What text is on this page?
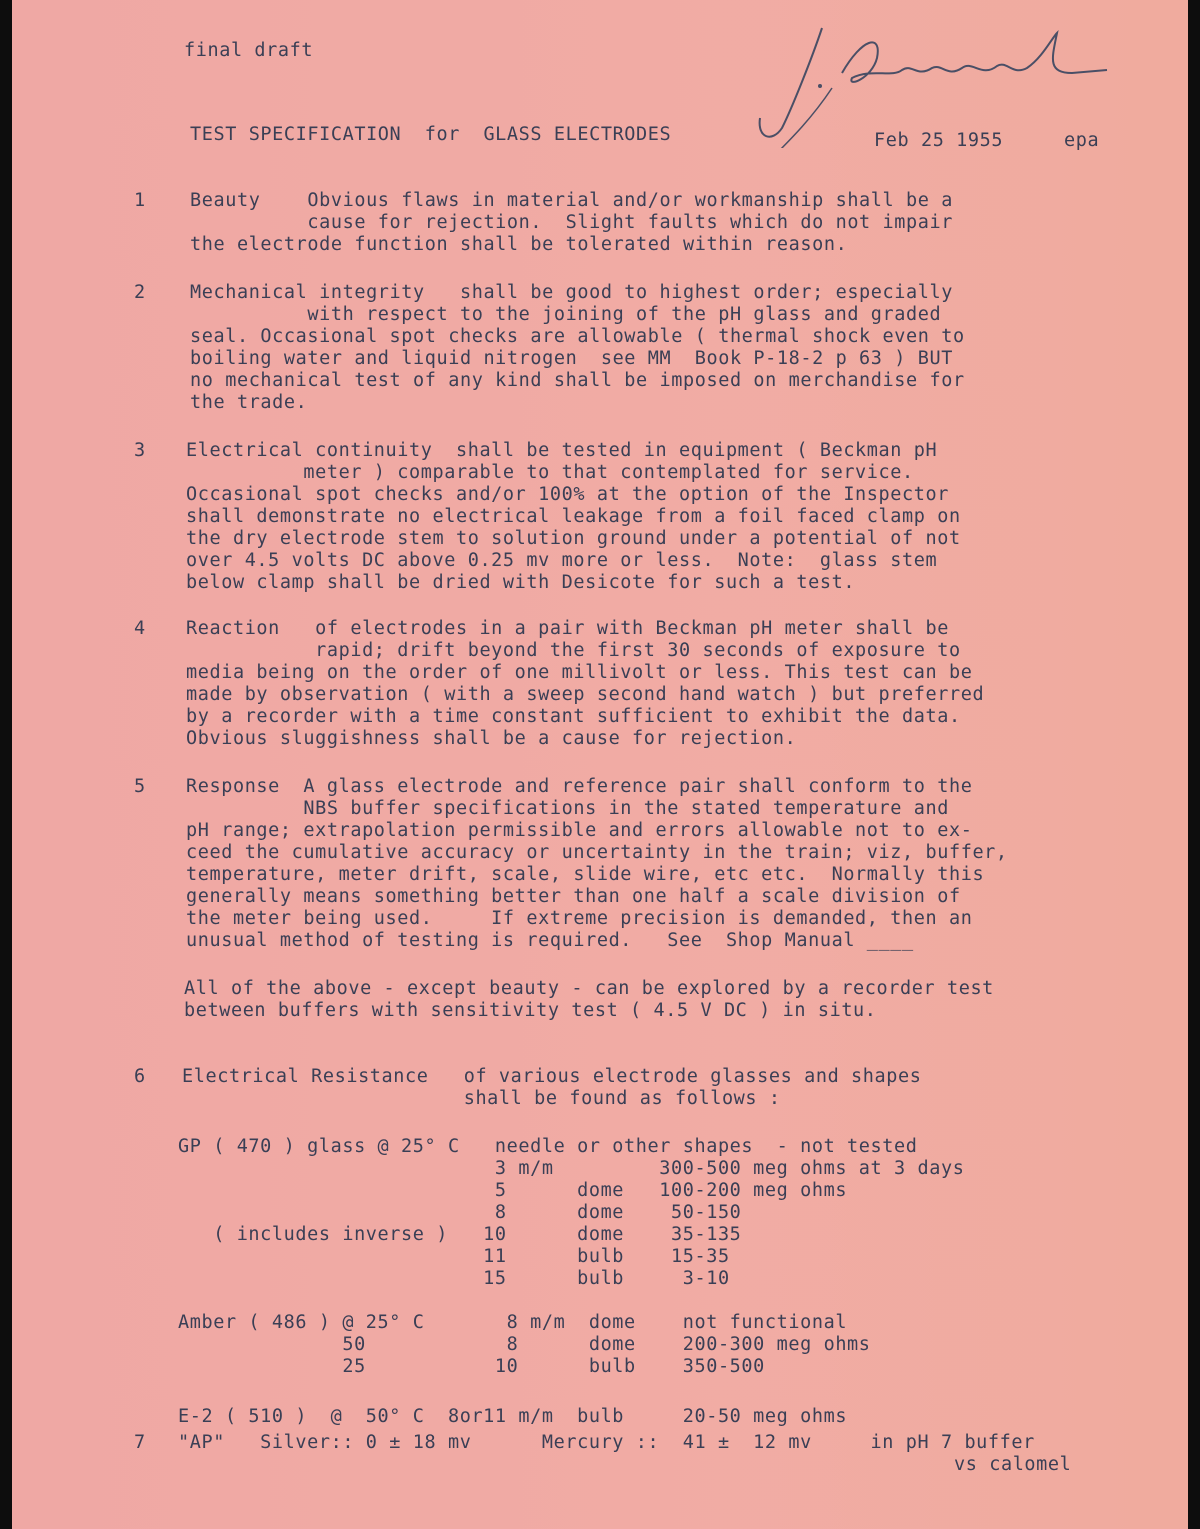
final draft
TEST SPECIFICATION  for  GLASS ELECTRODES	Feb 25 1955	epa
1	Beauty    Obvious flaws in material and/or workmanship shall be a
cause for rejection.  Slight faults which do not impair
the electrode function shall be tolerated within reason.
2	Mechanical integrity   shall be good to highest order; especially
with respect to the joining of the pH glass and graded
seal. Occasional spot checks are allowable ( thermal shock even to
boiling water and liquid nitrogen  see MM  Book P-18-2 p 63 ) BUT
no mechanical test of any kind shall be imposed on merchandise for
the trade.
3	Electrical continuity  shall be tested in equipment ( Beckman pH
meter ) comparable to that contemplated for service.
Occasional spot checks and/or 100% at the option of the Inspector
shall demonstrate no electrical leakage from a foil faced clamp on
the dry electrode stem to solution ground under a potential of not
over 4.5 volts DC above 0.25 mv more or less.  Note:  glass stem
below clamp shall be dried with Desicote for such a test.
4	Reaction   of electrodes in a pair with Beckman pH meter shall be
rapid; drift beyond the first 30 seconds of exposure to
media being on the order of one millivolt or less. This test can be
made by observation ( with a sweep second hand watch ) but preferred
by a recorder with a time constant sufficient to exhibit the data.
Obvious sluggishness shall be a cause for rejection.
5	Response  A glass electrode and reference pair shall conform to the
NBS buffer specifications in the stated temperature and
pH range; extrapolation permissible and errors allowable not to ex-
ceed the cumulative accuracy or uncertainty in the train; viz, buffer,
temperature, meter drift, scale, slide wire, etc etc.  Normally this
generally means something better than one half a scale division of
the meter being used.     If extreme precision is demanded, then an
unusual method of testing is required.   See  Shop Manual ____
All of the above - except beauty - can be explored by a recorder test
between buffers with sensitivity test ( 4.5 V DC ) in situ.
6	Electrical Resistance   of various electrode glasses and shapes
shall be found as follows :
GP ( 470 ) glass @ 25° C   needle or other shapes  - not tested
3 m/m         300-500 meg ohms at 3 days
5      dome   100-200 meg ohms
8      dome    50-150
( includes inverse )   10      dome    35-135
11      bulb    15-35
15      bulb     3-10
Amber ( 486 ) @ 25° C       8 m/m  dome    not functional
50            8      dome    200-300 meg ohms
25           10      bulb    350-500
E-2 ( 510 )  @  50° C  8or11 m/m  bulb     20-50 meg ohms
7	"AP"   Silver:: 0 ± 18 mv      Mercury ::  41 ±  12 mv     in pH 7 buffer
vs calomel
